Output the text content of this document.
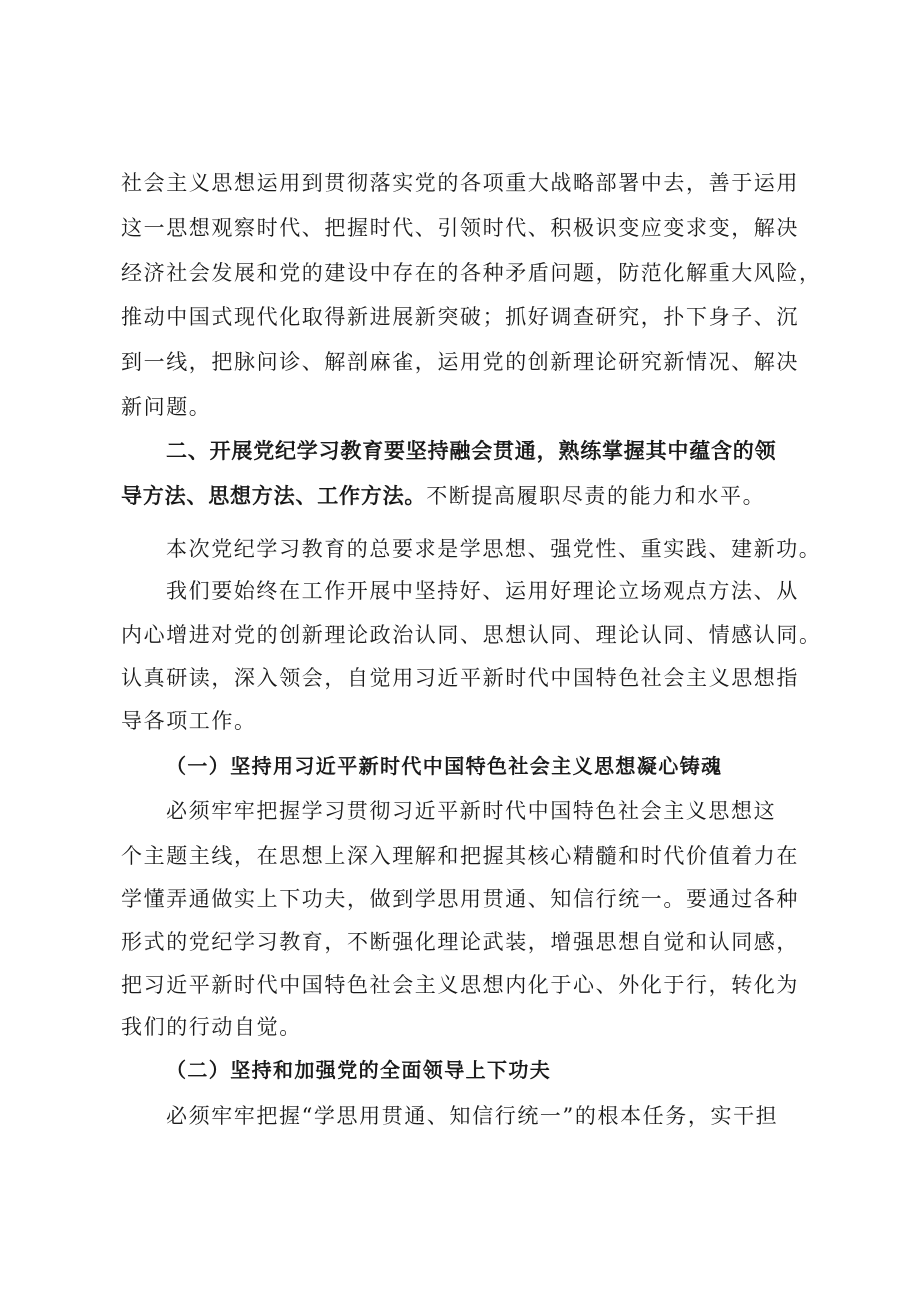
社会主义思想运用到贯彻落实党的各项重大战略部署中去，善于运用
这一思想观察时代、把握时代、引领时代、积极识变应变求变，解决
经济社会发展和党的建设中存在的各种矛盾问题，防范化解重大风险，
推动中国式现代化取得新进展新突破；抓好调查研究，扑下身子、沉
到一线，把脉问诊、解剖麻雀，运用党的创新理论研究新情况、解决
新问题。
二、开展党纪学习教育要坚持融会贯通，熟练掌握其中蕴含的领
导方法、思想方法、工作方法。不断提高履职尽责的能力和水平。
本次党纪学习教育的总要求是学思想、强党性、重实践、建新功。
我们要始终在工作开展中坚持好、运用好理论立场观点方法、从
内心增进对党的创新理论政治认同、思想认同、理论认同、情感认同。
认真研读，深入领会，自觉用习近平新时代中国特色社会主义思想指
导各项工作。
（一）坚持用习近平新时代中国特色社会主义思想凝心铸魂
必须牢牢把握学习贯彻习近平新时代中国特色社会主义思想这
个主题主线，在思想上深入理解和把握其核心精髓和时代价值着力在
学懂弄通做实上下功夫，做到学思用贯通、知信行统一。要通过各种
形式的党纪学习教育，不断强化理论武装，增强思想自觉和认同感，
把习近平新时代中国特色社会主义思想内化于心、外化于行，转化为
我们的行动自觉。
（二）坚持和加强党的全面领导上下功夫
必须牢牢把握“学思用贯通、知信行统一”的根本任务，实干担
